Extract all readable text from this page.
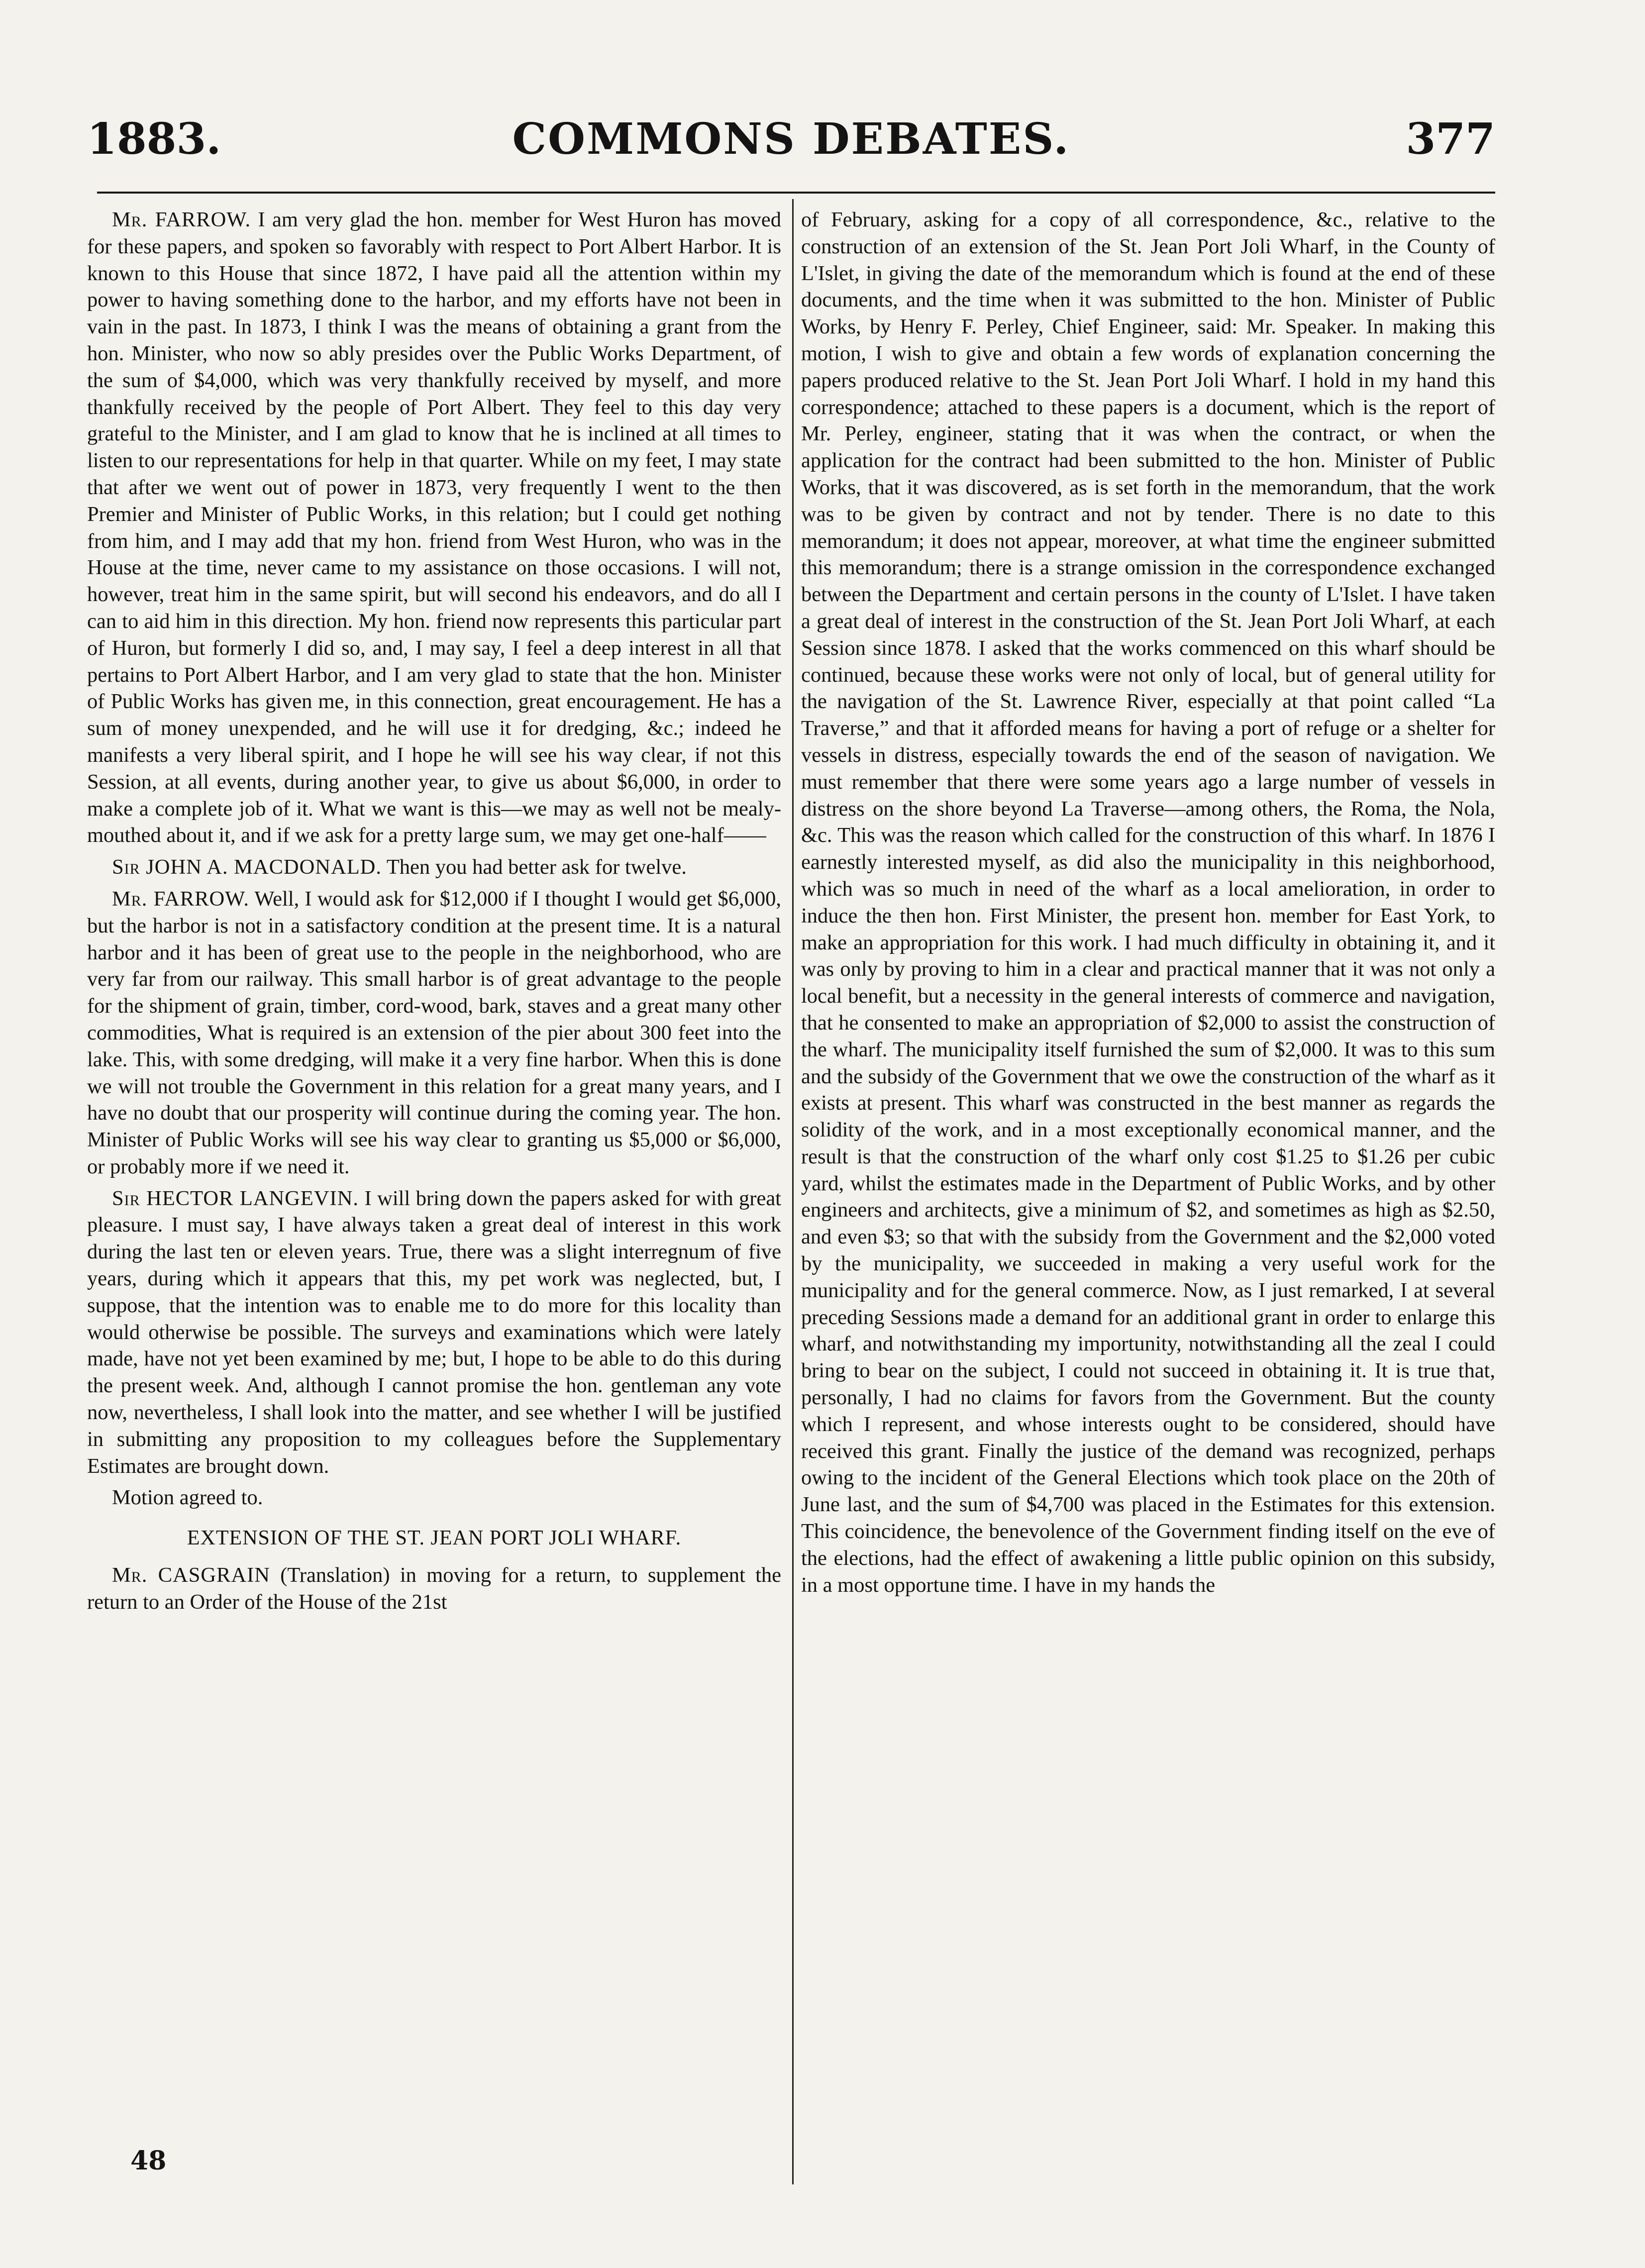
1883.	COMMONS DEBATES.	377

Mr. FARROW. I am very glad the hon. member for West Huron has moved for these papers, and spoken so favorably with respect to Port Albert Harbor. It is known to this House that since 1872, I have paid all the attention within my power to having something done to the harbor, and my efforts have not been in vain in the past. In 1873, I think I was the means of obtaining a grant from the hon. Minister, who now so ably presides over the Public Works Department, of the sum of $4,000, which was very thankfully received by myself, and more thankfully received by the people of Port Albert. They feel to this day very grateful to the Minister, and I am glad to know that he is inclined at all times to listen to our representations for help in that quarter. While on my feet, I may state that after we went out of power in 1873, very frequently I went to the then Premier and Minister of Public Works, in this relation; but I could get nothing from him, and I may add that my hon. friend from West Huron, who was in the House at the time, never came to my assistance on those occasions. I will not, however, treat him in the same spirit, but will second his endeavors, and do all I can to aid him in this direction. My hon. friend now represents this particular part of Huron, but formerly I did so, and, I may say, I feel a deep interest in all that pertains to Port Albert Harbor, and I am very glad to state that the hon. Minister of Public Works has given me, in this connection, great encouragement. He has a sum of money unexpended, and he will use it for dredging, &c.; indeed he manifests a very liberal spirit, and I hope he will see his way clear, if not this Session, at all events, during another year, to give us about $6,000, in order to make a complete job of it. What we want is this—we may as well not be mealy-mouthed about it, and if we ask for a pretty large sum, we may get one-half——

Sir JOHN A. MACDONALD. Then you had better ask for twelve.

Mr. FARROW. Well, I would ask for $12,000 if I thought I would get $6,000, but the harbor is not in a satisfactory condition at the present time. It is a natural harbor and it has been of great use to the people in the neighborhood, who are very far from our railway. This small harbor is of great advantage to the people for the shipment of grain, timber, cord-wood, bark, staves and a great many other commodities, What is required is an extension of the pier about 300 feet into the lake. This, with some dredging, will make it a very fine harbor. When this is done we will not trouble the Government in this relation for a great many years, and I have no doubt that our prosperity will continue during the coming year. The hon. Minister of Public Works will see his way clear to granting us $5,000 or $6,000, or probably more if we need it.

Sir HECTOR LANGEVIN. I will bring down the papers asked for with great pleasure. I must say, I have always taken a great deal of interest in this work during the last ten or eleven years. True, there was a slight interregnum of five years, during which it appears that this, my pet work was neglected, but, I suppose, that the intention was to enable me to do more for this locality than would otherwise be possible. The surveys and examinations which were lately made, have not yet been examined by me; but, I hope to be able to do this during the present week. And, although I cannot promise the hon. gentleman any vote now, nevertheless, I shall look into the matter, and see whether I will be justified in submitting any proposition to my colleagues before the Supplementary Estimates are brought down.

Motion agreed to.

EXTENSION OF THE ST. JEAN PORT JOLI WHARF.

Mr. CASGRAIN (Translation) in moving for a return, to supplement the return to an Order of the House of the 21st

of February, asking for a copy of all correspondence, &c., relative to the construction of an extension of the St. Jean Port Joli Wharf, in the County of L'Islet, in giving the date of the memorandum which is found at the end of these documents, and the time when it was submitted to the hon. Minister of Public Works, by Henry F. Perley, Chief Engineer, said: Mr. Speaker. In making this motion, I wish to give and obtain a few words of explanation concerning the papers produced relative to the St. Jean Port Joli Wharf. I hold in my hand this correspondence; attached to these papers is a document, which is the report of Mr. Perley, engineer, stating that it was when the contract, or when the application for the contract had been submitted to the hon. Minister of Public Works, that it was discovered, as is set forth in the memorandum, that the work was to be given by contract and not by tender. There is no date to this memorandum; it does not appear, moreover, at what time the engineer submitted this memorandum; there is a strange omission in the correspondence exchanged between the Department and certain persons in the county of L'Islet. I have taken a great deal of interest in the construction of the St. Jean Port Joli Wharf, at each Session since 1878. I asked that the works commenced on this wharf should be continued, because these works were not only of local, but of general utility for the navigation of the St. Lawrence River, especially at that point called “La Traverse,” and that it afforded means for having a port of refuge or a shelter for vessels in distress, especially towards the end of the season of navigation. We must remember that there were some years ago a large number of vessels in distress on the shore beyond La Traverse—among others, the Roma, the Nola, &c. This was the reason which called for the construction of this wharf. In 1876 I earnestly interested myself, as did also the municipality in this neighborhood, which was so much in need of the wharf as a local amelioration, in order to induce the then hon. First Minister, the present hon. member for East York, to make an appropriation for this work. I had much difficulty in obtaining it, and it was only by proving to him in a clear and practical manner that it was not only a local benefit, but a necessity in the general interests of commerce and navigation, that he consented to make an appropriation of $2,000 to assist the construction of the wharf. The municipality itself furnished the sum of $2,000. It was to this sum and the subsidy of the Government that we owe the construction of the wharf as it exists at present. This wharf was constructed in the best manner as regards the solidity of the work, and in a most exceptionally economical manner, and the result is that the construction of the wharf only cost $1.25 to $1.26 per cubic yard, whilst the estimates made in the Department of Public Works, and by other engineers and architects, give a minimum of $2, and sometimes as high as $2.50, and even $3; so that with the subsidy from the Government and the $2,000 voted by the municipality, we succeeded in making a very useful work for the municipality and for the general commerce. Now, as I just remarked, I at several preceding Sessions made a demand for an additional grant in order to enlarge this wharf, and notwithstanding my importunity, notwithstanding all the zeal I could bring to bear on the subject, I could not succeed in obtaining it. It is true that, personally, I had no claims for favors from the Government. But the county which I represent, and whose interests ought to be considered, should have received this grant. Finally the justice of the demand was recognized, perhaps owing to the incident of the General Elections which took place on the 20th of June last, and the sum of $4,700 was placed in the Estimates for this extension. This coincidence, the benevolence of the Government finding itself on the eve of the elections, had the effect of awakening a little public opinion on this subsidy, in a most opportune time. I have in my hands the

48
